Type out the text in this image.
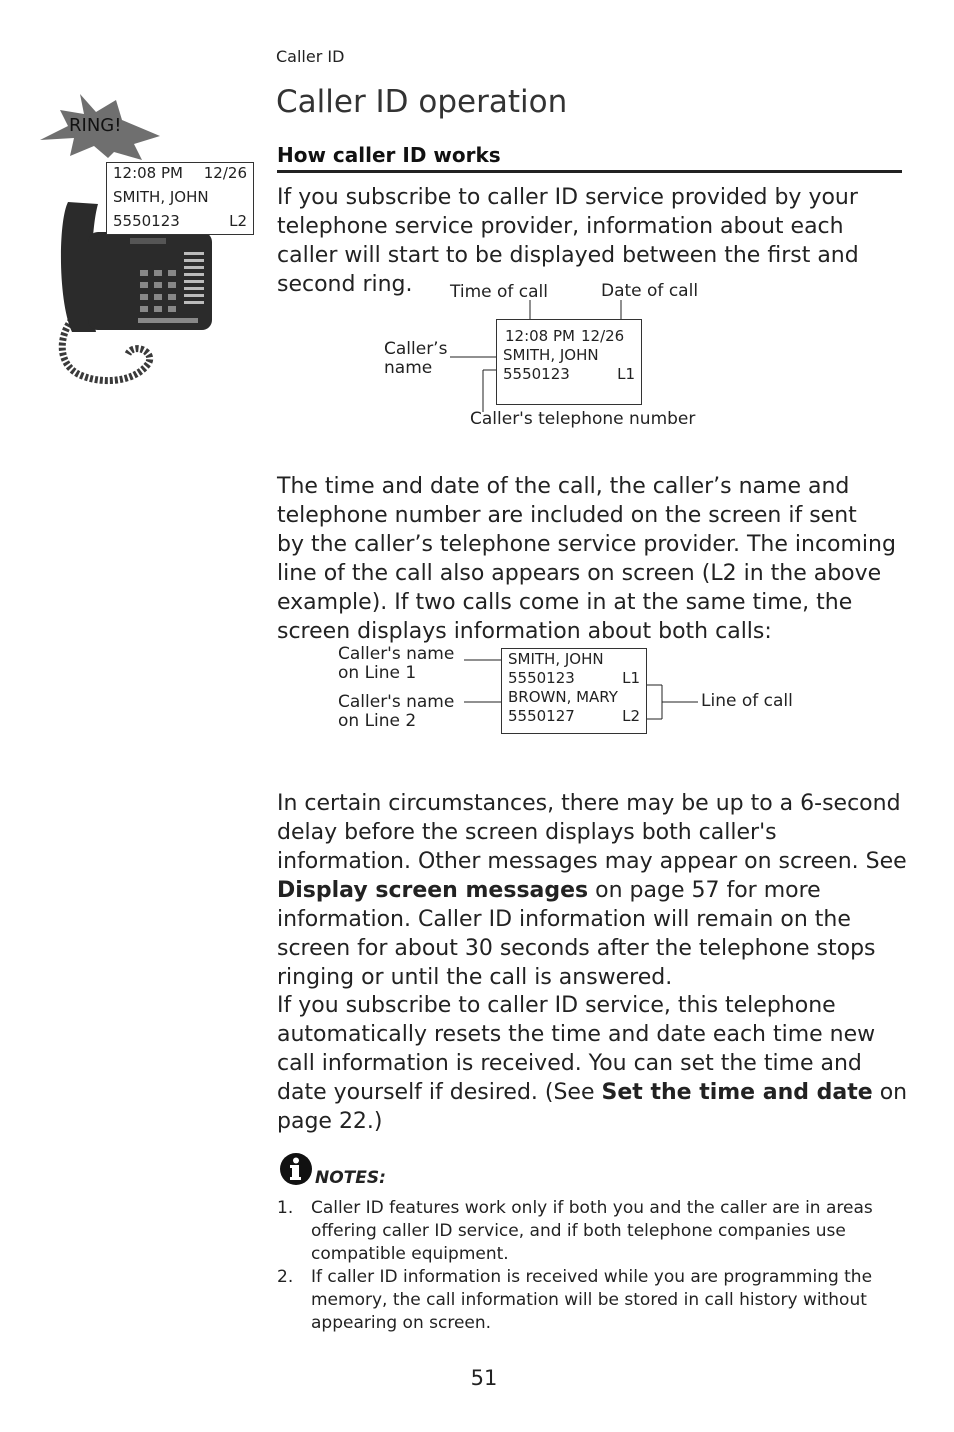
Caller ID
Caller ID operation
RING!
12:08 PM 12/26
SMITH, JOHN
5550123	L2
How caller ID works
If you subscribe to caller ID service provided by your telephone service provider, information about each caller will start to be displayed between the first and second ring.	Time of call	Date of call
Caller’s
name
Caller's telephone number
12:08 PM 12/26
SMITH, JOHN
5550123	L1
The time and date of the call, the caller’s name and
telephone number are included on the screen if sent
by the caller’s telephone service provider. The incoming
line of the call also appears on screen (L2 in the above
example). If two calls come in at the same time, the
screen displays information about both calls:
Caller's name
on Line 1
Caller's name
on Line 2
Line of call
SMITH, JOHN
5550123	L1
BROWN, MARY
5550127	L2
In certain circumstances, there may be up to a 6-second delay before the screen displays both caller's information. Other messages may appear on screen. See Display screen messages on page 57 for more information. Caller ID information will remain on the screen for about 30 seconds after the telephone stops ringing or until the call is answered.
If you subscribe to caller ID service, this telephone automatically resets the time and date each time new call information is received. You can set the time and date yourself if desired. (See Set the time and date on page 22.)
NOTES:
1. Caller ID features work only if both you and the caller are in areas offering caller ID service, and if both telephone companies use compatible equipment.
2. If caller ID information is received while you are programming the memory, the call information will be stored in call history without appearing on screen.
51
